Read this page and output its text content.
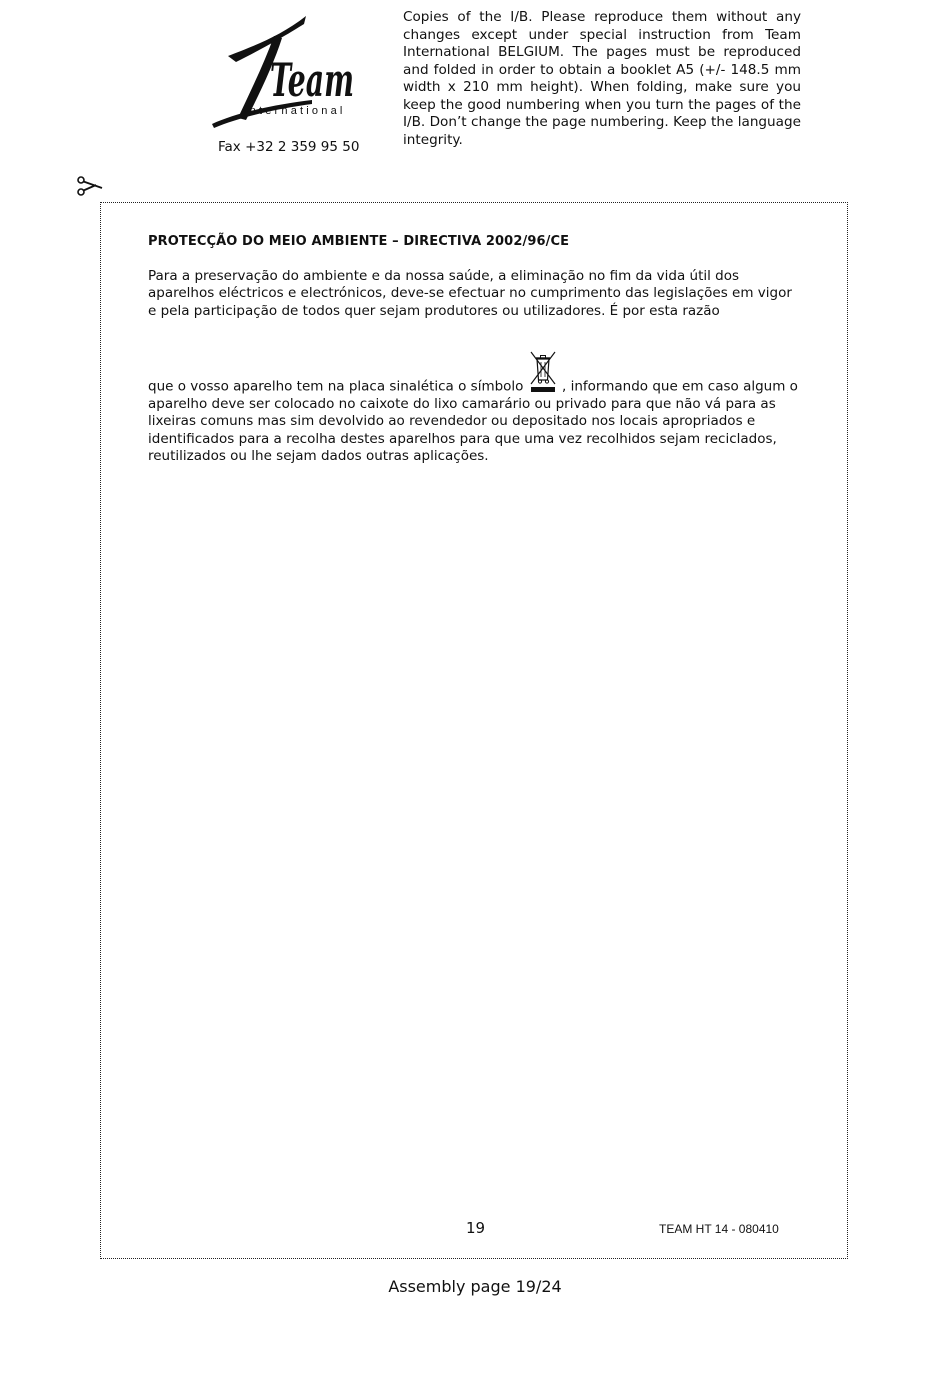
Team
international
Fax +32 2 359 95 50
Copies of the I/B. Please reproduce them without any changes except under special instruction from Team International BELGIUM. The pages must be reproduced and folded in order to obtain a booklet A5 (+/- 148.5 mm width x 210 mm height). When folding, make sure you keep the good numbering when you turn the pages of the I/B. Don’t change the page numbering. Keep the language integrity.
PROTECÇÃO DO MEIO AMBIENTE – DIRECTIVA 2002/96/CE
Para a preservação do ambiente e da nossa saúde, a eliminação no fim da vida útil dos aparelhos eléctricos e electrónicos, deve-se efectuar no cumprimento das legislações em vigor e pela participação de todos quer sejam produtores ou utilizadores. É por esta razão
que o vosso aparelho tem na placa sinalética o símbolo  , informando que em caso algum o aparelho deve ser colocado no caixote do lixo camarário ou privado para que não vá para as lixeiras comuns mas sim devolvido ao revendedor ou depositado nos locais apropriados e identificados para a recolha destes aparelhos para que uma vez recolhidos sejam reciclados, reutilizados ou lhe sejam dados outras aplicações.
19	TEAM HT 14 - 080410
Assembly page 19/24
